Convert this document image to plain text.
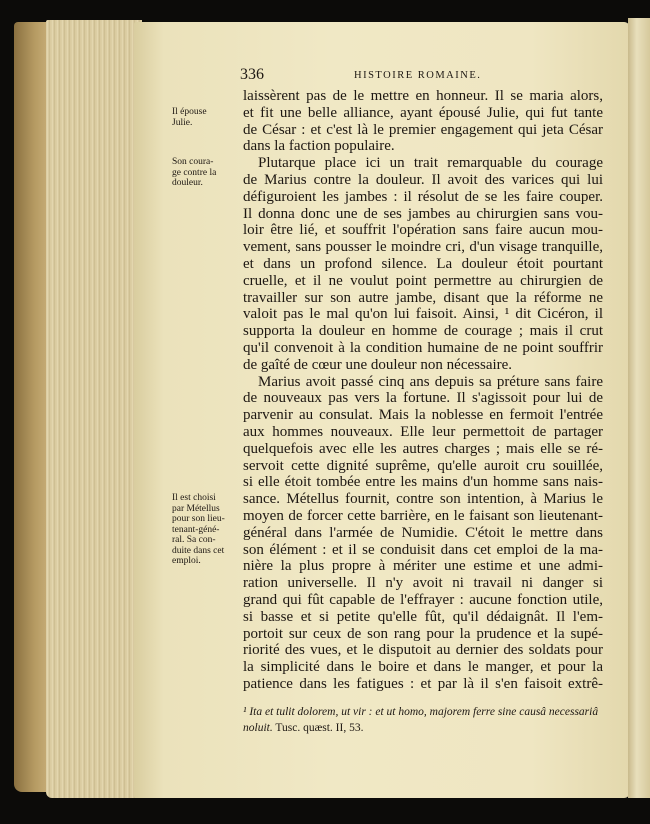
336	HISTOIRE ROMAINE.
Il épouse
Julie.
Son coura-
ge contre la
douleur.
Il est choisi
par Métellus
pour son lieu-
tenant-géné-
ral. Sa con-
duite dans cet
emploi.
laissèrent pas de le mettre en honneur. Il se maria alors,
et fit une belle alliance, ayant épousé Julie, qui fut tante
de César : et c'est là le premier engagement qui jeta César
dans la faction populaire.
Plutarque place ici un trait remarquable du courage
de Marius contre la douleur. Il avoit des varices qui lui
défiguroient les jambes : il résolut de se les faire couper.
Il donna donc une de ses jambes au chirurgien sans vou-
loir être lié, et souffrit l'opération sans faire aucun mou-
vement, sans pousser le moindre cri, d'un visage tranquille,
et dans un profond silence. La douleur étoit pourtant
cruelle, et il ne voulut point permettre au chirurgien de
travailler sur son autre jambe, disant que la réforme ne
valoit pas le mal qu'on lui faisoit. Ainsi, ¹ dit Cicéron, il
supporta la douleur en homme de courage ; mais il crut
qu'il convenoit à la condition humaine de ne point souffrir
de gaîté de cœur une douleur non nécessaire.
Marius avoit passé cinq ans depuis sa préture sans faire
de nouveaux pas vers la fortune. Il s'agissoit pour lui de
parvenir au consulat. Mais la noblesse en fermoit l'entrée
aux hommes nouveaux. Elle leur permettoit de partager
quelquefois avec elle les autres charges ; mais elle se ré-
servoit cette dignité suprême, qu'elle auroit cru souillée,
si elle étoit tombée entre les mains d'un homme sans nais-
sance. Métellus fournit, contre son intention, à Marius le
moyen de forcer cette barrière, en le faisant son lieutenant-
général dans l'armée de Numidie. C'étoit le mettre dans
son élément : et il se conduisit dans cet emploi de la ma-
nière la plus propre à mériter une estime et une admi-
ration universelle. Il n'y avoit ni travail ni danger si
grand qui fût capable de l'effrayer : aucune fonction utile,
si basse et si petite qu'elle fût, qu'il dédaignât. Il l'em-
portoit sur ceux de son rang pour la prudence et la supé-
riorité des vues, et le disputoit au dernier des soldats pour
la simplicité dans le boire et dans le manger, et pour la
patience dans les fatigues : et par là il s'en faisoit extrê-
¹ Ita et tulit dolorem, ut vir : et ut homo, majorem ferre sine causâ necessariâ noluit. Tusc. quæst. II, 53.
